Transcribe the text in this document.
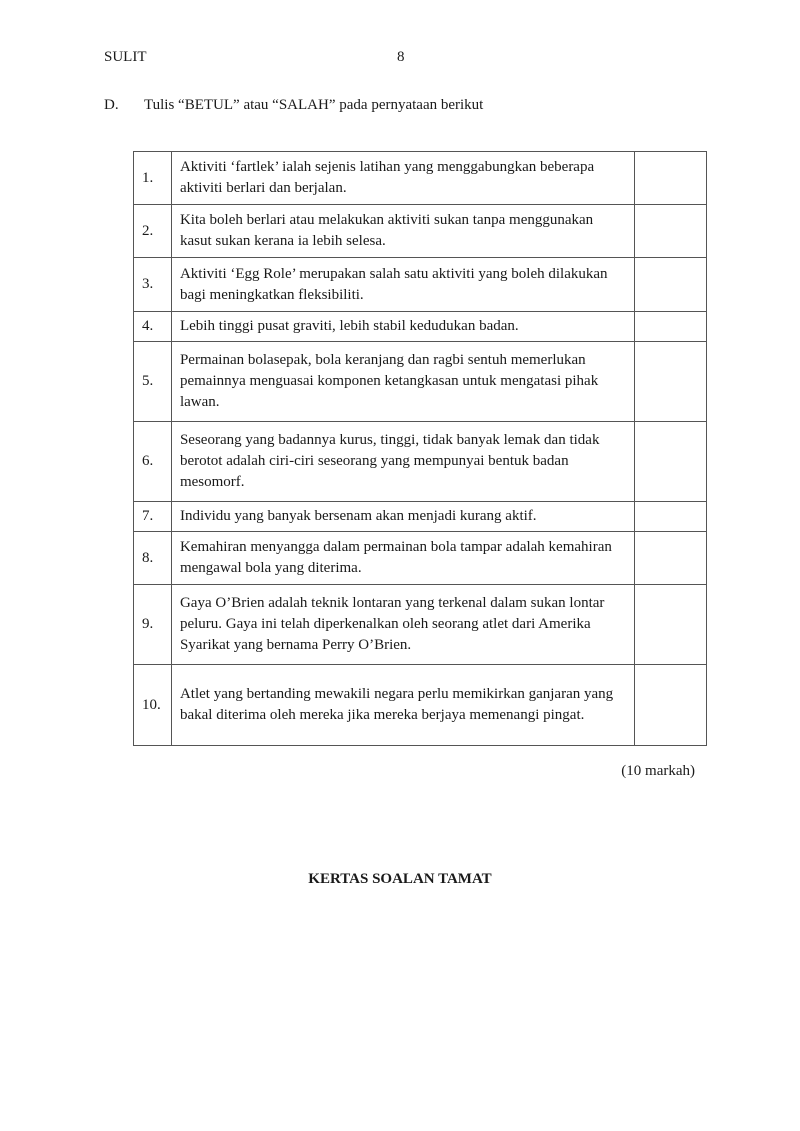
SULIT	8
D.	Tulis “BETUL” atau “SALAH” pada pernyataan berikut
1.	Aktiviti ‘fartlek’ ialah sejenis latihan yang menggabungkan beberapa aktiviti berlari dan berjalan.	
2.	Kita boleh berlari atau melakukan aktiviti sukan tanpa menggunakan kasut sukan kerana ia lebih selesa.	
3.	Aktiviti ‘Egg Role’ merupakan salah satu aktiviti yang boleh dilakukan bagi meningkatkan fleksibiliti.	
4.	Lebih tinggi pusat graviti, lebih stabil kedudukan badan.	
5.	Permainan bolasepak, bola keranjang dan ragbi sentuh memerlukan pemainnya menguasai komponen ketangkasan untuk mengatasi pihak lawan.	
6.	Seseorang yang badannya kurus, tinggi, tidak banyak lemak dan tidak berotot adalah ciri-ciri seseorang yang mempunyai bentuk badan mesomorf.	
7.	Individu yang banyak bersenam akan menjadi kurang aktif.	
8.	Kemahiran menyangga dalam permainan bola tampar adalah kemahiran mengawal bola yang diterima.	
9.	Gaya O’Brien adalah teknik lontaran yang terkenal dalam sukan lontar peluru. Gaya ini telah diperkenalkan oleh seorang atlet dari Amerika Syarikat yang bernama Perry O’Brien.	
10.	Atlet yang bertanding mewakili negara perlu memikirkan ganjaran yang bakal diterima oleh mereka jika mereka berjaya memenangi pingat.	
(10 markah)
KERTAS SOALAN TAMAT
